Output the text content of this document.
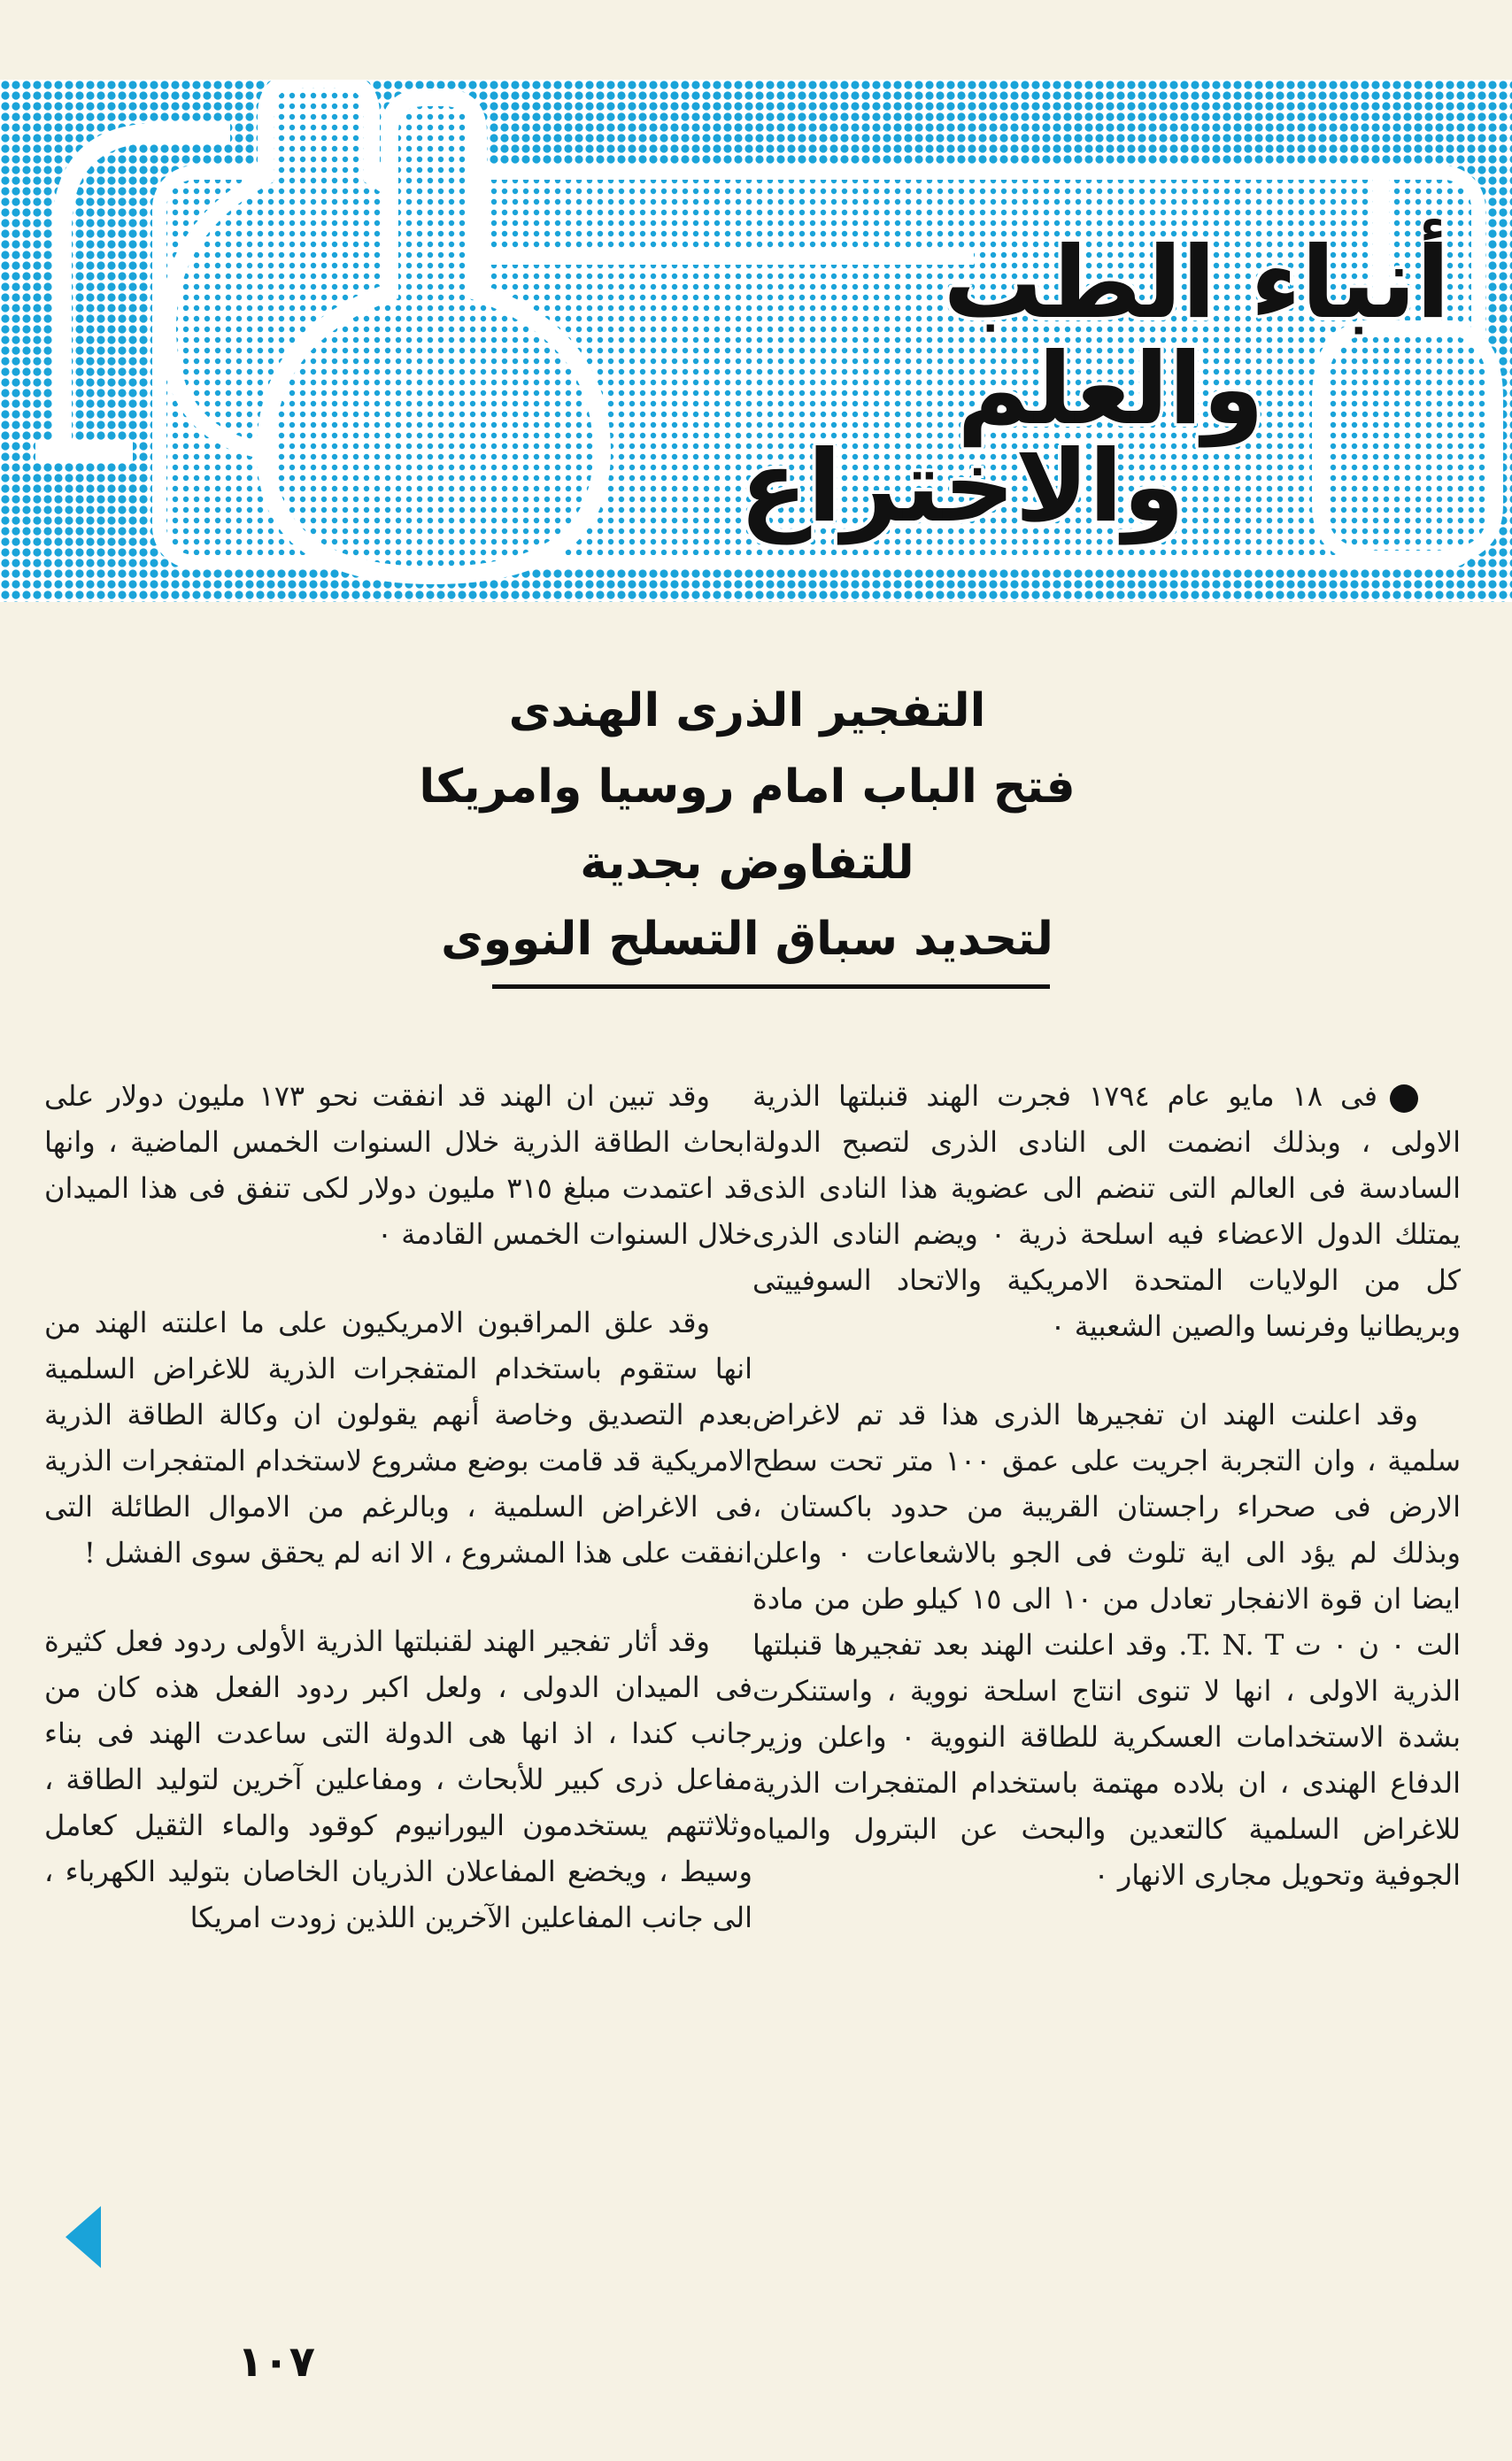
أنباء الطب
والعلم
والاختراع
التفجير الذرى الهندى
فتح الباب امام روسيا وامريكا
للتفاوض بجدية
لتحديد سباق التسلح النووى

فى ١٨ مايو عام ١٧٩٤ فجرت الهند قنبلتها الذرية الاولى ، وبذلك انضمت الى النادى الذرى لتصبح الدولة السادسة فى العالم التى تنضم الى عضوية هذا النادى الذى يمتلك الدول الاعضاء فيه اسلحة ذرية ٠ ويضم النادى الذرى كل من الولايات المتحدة الامريكية والاتحاد السوفييتى وبريطانيا وفرنسا والصين الشعبية ٠

وقد اعلنت الهند ان تفجيرها الذرى هذا قد تم لاغراض سلمية ، وان التجربة اجريت على عمق ١٠٠ متر تحت سطح الارض فى صحراء راجستان القريبة من حدود باكستان ، وبذلك لم يؤد الى اية تلوث فى الجو بالاشعاعات ٠ واعلن ايضا ان قوة الانفجار تعادل من ١٠ الى ١٥ كيلو طن من مادة الت ٠ ن ٠ ت T. N. T. وقد اعلنت الهند بعد تفجيرها قنبلتها الذرية الاولى ، انها لا تنوى انتاج اسلحة نووية ، واستنكرت بشدة الاستخدامات العسكرية للطاقة النووية ٠ واعلن وزير الدفاع الهندى ، ان بلاده مهتمة باستخدام المتفجرات الذرية للاغراض السلمية كالتعدين والبحث عن البترول والمياه الجوفية وتحويل مجارى الانهار ٠

وقد تبين ان الهند قد انفقت نحو ١٧٣ مليون دولار على ابحاث الطاقة الذرية خلال السنوات الخمس الماضية ، وانها قد اعتمدت مبلغ ٣١٥ مليون دولار لكى تنفق فى هذا الميدان خلال السنوات الخمس القادمة ٠

وقد علق المراقبون الامريكيون على ما اعلنته الهند من انها ستقوم باستخدام المتفجرات الذرية للاغراض السلمية بعدم التصديق وخاصة أنهم يقولون ان وكالة الطاقة الذرية الامريكية قد قامت بوضع مشروع لاستخدام المتفجرات الذرية فى الاغراض السلمية ، وبالرغم من الاموال الطائلة التى انفقت على هذا المشروع ، الا انه لم يحقق سوى الفشل !

وقد أثار تفجير الهند لقنبلتها الذرية الأولى ردود فعل كثيرة فى الميدان الدولى ، ولعل اكبر ردود الفعل هذه كان من جانب كندا ، اذ انها هى الدولة التى ساعدت الهند فى بناء مفاعل ذرى كبير للأبحاث ، ومفاعلين آخرين لتوليد الطاقة ، وثلاثتهم يستخدمون اليورانيوم كوقود والماء الثقيل كعامل وسيط ، ويخضع المفاعلان الذريان الخاصان بتوليد الكهرباء ، الى جانب المفاعلين الآخرين اللذين زودت امريكا

١٠٧
